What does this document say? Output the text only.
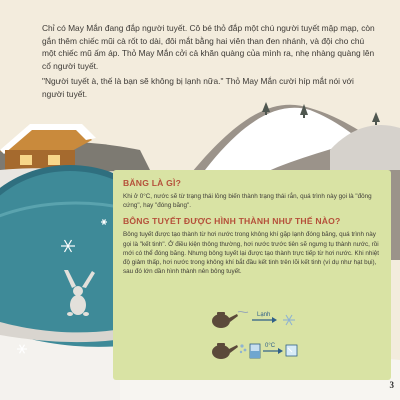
Chỉ có May Mắn đang đắp người tuyết. Cô bé thỏ đắp một chú người tuyết mập mạp, còn gắn thêm chiếc mũi cà rốt to dài, đôi mắt bằng hai viên than đen nhánh, và đội cho chú một chiếc mũ ấm áp. Thỏ May Mắn cởi cả khăn quàng của mình ra, nhẹ nhàng quàng lên cổ người tuyết.

"Người tuyết à, thế là bạn sẽ không bị lạnh nữa." Thỏ May Mắn cười híp mắt nói với người tuyết.

BĂNG LÀ GÌ?

Khi ở 0°C, nước sẽ từ trạng thái lỏng biến thành trạng thái rắn, quá trình này gọi là "đông cứng", hay "đóng băng".

BÔNG TUYẾT ĐƯỢC HÌNH THÀNH NHƯ THẾ NÀO?

Bông tuyết được tạo thành từ hơi nước trong không khí gặp lạnh đóng băng, quá trình này gọi là "kết tinh". Ở điều kiện thông thường, hơi nước trước tiên sẽ ngưng tụ thành nước, rồi mới có thể đóng băng. Nhưng bông tuyết lại được tạo thành trực tiếp từ hơi nước. Khi nhiệt độ giảm thấp, hơi nước trong không khí bắt đầu kết tinh trên lõi kết tinh (ví dụ như hạt bụi), sau đó lớn dần hình thành nên bông tuyết.

Lạnh
0°C
3
